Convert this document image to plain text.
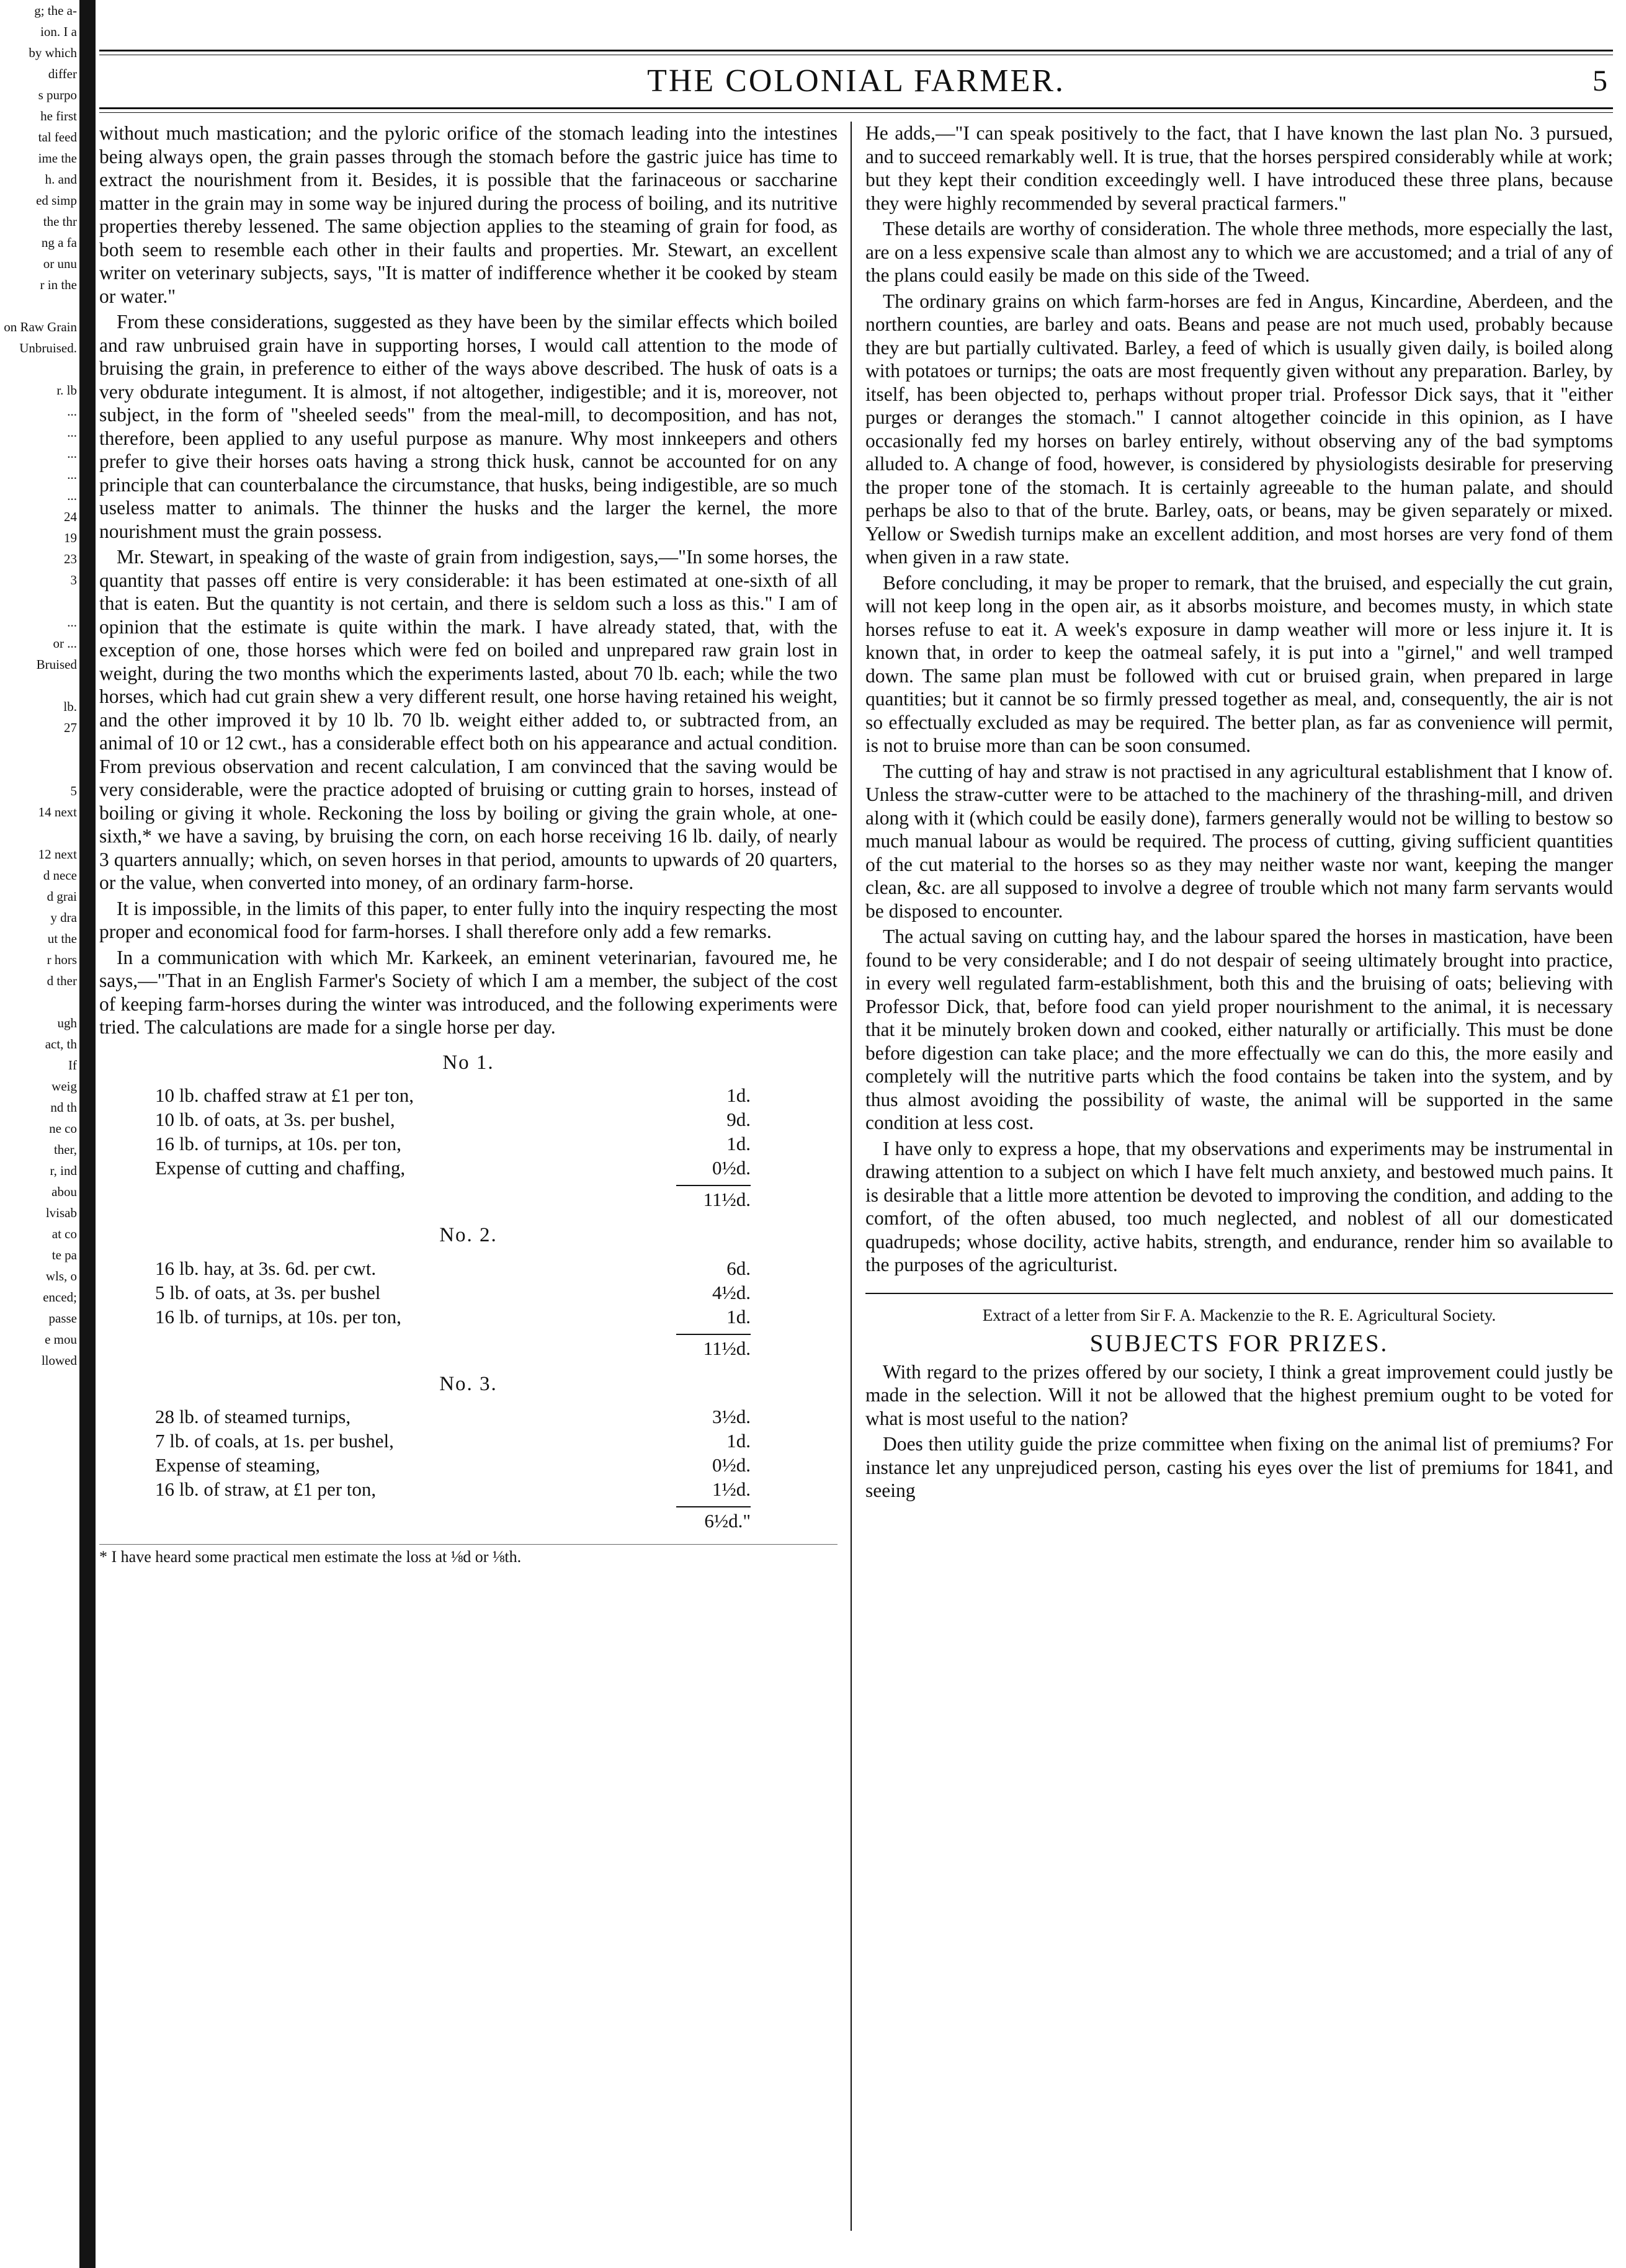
g; the a-
ion. I a
by which
differ
s purpo
he first
tal feed
ime the
h. and
ed simp
the thr
ng a fa
or unu
r in the

on Raw Grain
Unbruised.

r. lb
...
...
...
...
...
24
19
23
3

...
or ...
Bruised

lb.
27

5
14 next

12 next
d nece
d grai
y dra
ut the
r hors
d ther

ugh
act, th
If
weig
nd th
ne co
ther,
r, ind
abou
lvisab
at co
te pa
wls, o
enced;
passe
e mou
llowed
THE COLONIAL FARMER.	5

without much mastication; and the pyloric orifice of the stomach leading into the intestines being always open, the grain passes through the stomach before the gastric juice has time to extract the nourishment from it. Besides, it is possible that the farinaceous or saccharine matter in the grain may in some way be injured during the process of boiling, and its nutritive properties thereby lessened. The same objection applies to the steaming of grain for food, as both seem to resemble each other in their faults and properties. Mr. Stewart, an excellent writer on veterinary subjects, says, "It is matter of indifference whether it be cooked by steam or water."

From these considerations, suggested as they have been by the similar effects which boiled and raw unbruised grain have in supporting horses, I would call attention to the mode of bruising the grain, in preference to either of the ways above described. The husk of oats is a very obdurate integument. It is almost, if not altogether, indigestible; and it is, moreover, not subject, in the form of "sheeled seeds" from the meal-mill, to decomposition, and has not, therefore, been applied to any useful purpose as manure. Why most innkeepers and others prefer to give their horses oats having a strong thick husk, cannot be accounted for on any principle that can counterbalance the circumstance, that husks, being indigestible, are so much useless matter to animals. The thinner the husks and the larger the kernel, the more nourishment must the grain possess.

Mr. Stewart, in speaking of the waste of grain from indigestion, says,—"In some horses, the quantity that passes off entire is very considerable: it has been estimated at one-sixth of all that is eaten. But the quantity is not certain, and there is seldom such a loss as this." I am of opinion that the estimate is quite within the mark. I have already stated, that, with the exception of one, those horses which were fed on boiled and unprepared raw grain lost in weight, during the two months which the experiments lasted, about 70 lb. each; while the two horses, which had cut grain shew a very different result, one horse having retained his weight, and the other improved it by 10 lb. 70 lb. weight either added to, or subtracted from, an animal of 10 or 12 cwt., has a considerable effect both on his appearance and actual condition. From previous observation and recent calculation, I am convinced that the saving would be very considerable, were the practice adopted of bruising or cutting grain to horses, instead of boiling or giving it whole. Reckoning the loss by boiling or giving the grain whole, at one-sixth,* we have a saving, by bruising the corn, on each horse receiving 16 lb. daily, of nearly 3 quarters annually; which, on seven horses in that period, amounts to upwards of 20 quarters, or the value, when converted into money, of an ordinary farm-horse.

It is impossible, in the limits of this paper, to enter fully into the inquiry respecting the most proper and economical food for farm-horses. I shall therefore only add a few remarks.

In a communication with which Mr. Karkeek, an eminent veterinarian, favoured me, he says,—"That in an English Farmer's Society of which I am a member, the subject of the cost of keeping farm-horses during the winter was introduced, and the following experiments were tried. The calculations are made for a single horse per day.

No 1.
10 lb. chaffed straw at £1 per ton,	1d.
10 lb. of oats, at 3s. per bushel,	9d.
16 lb. of turnips, at 10s. per ton,	1d.
Expense of cutting and chaffing,	0½d.
11½d.
No. 2.
16 lb. hay, at 3s. 6d. per cwt.	6d.
5 lb. of oats, at 3s. per bushel	4½d.
16 lb. of turnips, at 10s. per ton,	1d.
11½d.
No. 3.
28 lb. of steamed turnips,	3½d.
7 lb. of coals, at 1s. per bushel,	1d.
Expense of steaming,	0½d.
16 lb. of straw, at £1 per ton,	1½d.
6½d."
* I have heard some practical men estimate the loss at ⅛d or ⅛th.

He adds,—"I can speak positively to the fact, that I have known the last plan No. 3 pursued, and to succeed remarkably well. It is true, that the horses perspired considerably while at work; but they kept their condition exceedingly well. I have introduced these three plans, because they were highly recommended by several practical farmers."

These details are worthy of consideration. The whole three methods, more especially the last, are on a less expensive scale than almost any to which we are accustomed; and a trial of any of the plans could easily be made on this side of the Tweed.

The ordinary grains on which farm-horses are fed in Angus, Kincardine, Aberdeen, and the northern counties, are barley and oats. Beans and pease are not much used, probably because they are but partially cultivated. Barley, a feed of which is usually given daily, is boiled along with potatoes or turnips; the oats are most frequently given without any preparation. Barley, by itself, has been objected to, perhaps without proper trial. Professor Dick says, that it "either purges or deranges the stomach." I cannot altogether coincide in this opinion, as I have occasionally fed my horses on barley entirely, without observing any of the bad symptoms alluded to. A change of food, however, is considered by physiologists desirable for preserving the proper tone of the stomach. It is certainly agreeable to the human palate, and should perhaps be also to that of the brute. Barley, oats, or beans, may be given separately or mixed. Yellow or Swedish turnips make an excellent addition, and most horses are very fond of them when given in a raw state.

Before concluding, it may be proper to remark, that the bruised, and especially the cut grain, will not keep long in the open air, as it absorbs moisture, and becomes musty, in which state horses refuse to eat it. A week's exposure in damp weather will more or less injure it. It is known that, in order to keep the oatmeal safely, it is put into a "girnel," and well tramped down. The same plan must be followed with cut or bruised grain, when prepared in large quantities; but it cannot be so firmly pressed together as meal, and, consequently, the air is not so effectually excluded as may be required. The better plan, as far as convenience will permit, is not to bruise more than can be soon consumed.

The cutting of hay and straw is not practised in any agricultural establishment that I know of. Unless the straw-cutter were to be attached to the machinery of the thrashing-mill, and driven along with it (which could be easily done), farmers generally would not be willing to bestow so much manual labour as would be required. The process of cutting, giving sufficient quantities of the cut material to the horses so as they may neither waste nor want, keeping the manger clean, &c. are all supposed to involve a degree of trouble which not many farm servants would be disposed to encounter.

The actual saving on cutting hay, and the labour spared the horses in mastication, have been found to be very considerable; and I do not despair of seeing ultimately brought into practice, in every well regulated farm-establishment, both this and the bruising of oats; believing with Professor Dick, that, before food can yield proper nourishment to the animal, it is necessary that it be minutely broken down and cooked, either naturally or artificially. This must be done before digestion can take place; and the more effectually we can do this, the more easily and completely will the nutritive parts which the food contains be taken into the system, and by thus almost avoiding the possibility of waste, the animal will be supported in the same condition at less cost.

I have only to express a hope, that my observations and experiments may be instrumental in drawing attention to a subject on which I have felt much anxiety, and bestowed much pains. It is desirable that a little more attention be devoted to improving the condition, and adding to the comfort, of the often abused, too much neglected, and noblest of all our domesticated quadrupeds; whose docility, active habits, strength, and endurance, render him so available to the purposes of the agriculturist.

Extract of a letter from Sir F. A. Mackenzie to the R. E. Agricultural Society.
SUBJECTS FOR PRIZES.

With regard to the prizes offered by our society, I think a great improvement could justly be made in the selection. Will it not be allowed that the highest premium ought to be voted for what is most useful to the nation?

Does then utility guide the prize committee when fixing on the animal list of premiums? For instance let any unprejudiced person, casting his eyes over the list of premiums for 1841, and seeing
